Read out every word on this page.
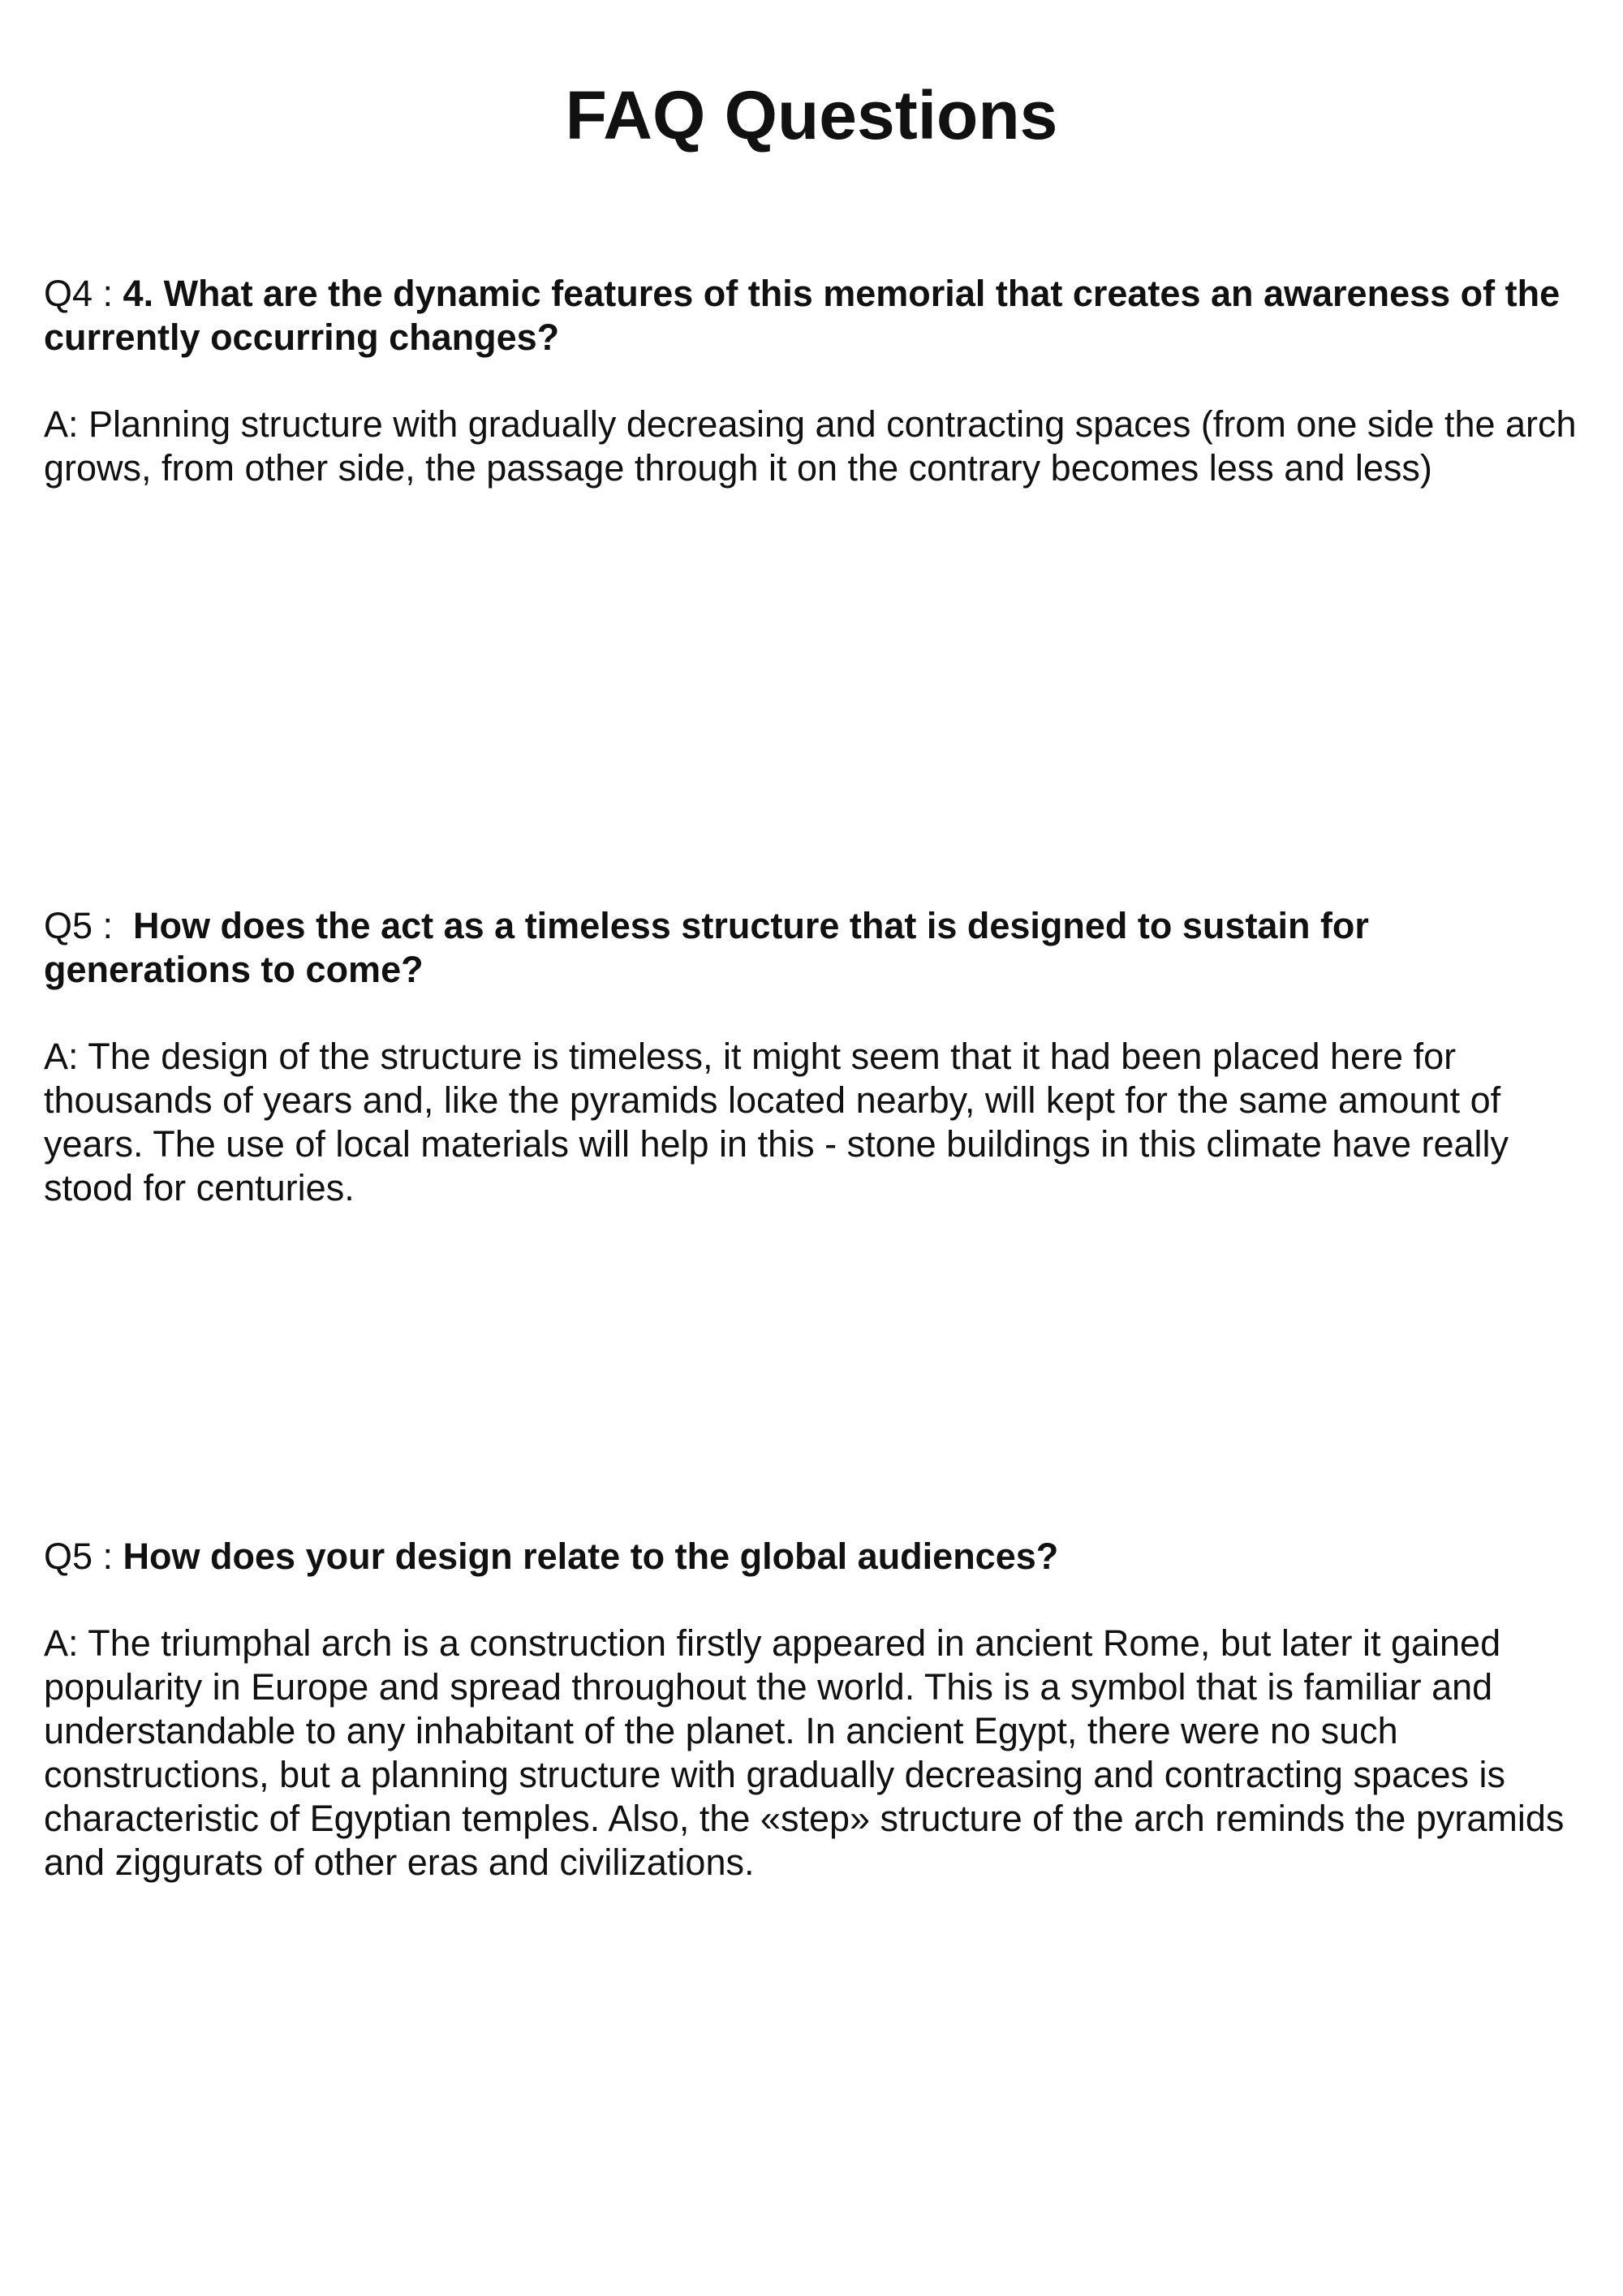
FAQ Questions

Q4 : 4. What are the dynamic features of this memorial that creates an awareness of the currently occurring changes?

A: Planning structure with gradually decreasing and contracting spaces (from one side the arch grows, from other side, the passage through it on the contrary becomes less and less)

Q5 :  How does the act as a timeless structure that is designed to sustain for generations to come?

A: The design of the structure is timeless, it might seem that it had been placed here for thousands of years and, like the pyramids located nearby, will kept for the same amount of years. The use of local materials will help in this - stone buildings in this climate have really stood for centuries.

Q5 : How does your design relate to the global audiences?

A: The triumphal arch is a construction firstly appeared in ancient Rome, but later it gained popularity in Europe and spread throughout the world. This is a symbol that is familiar and understandable to any inhabitant of the planet. In ancient Egypt, there were no such constructions, but a planning structure with gradually decreasing and contracting spaces is characteristic of Egyptian temples. Also, the «step» structure of the arch reminds the pyramids and ziggurats of other eras and civilizations.
